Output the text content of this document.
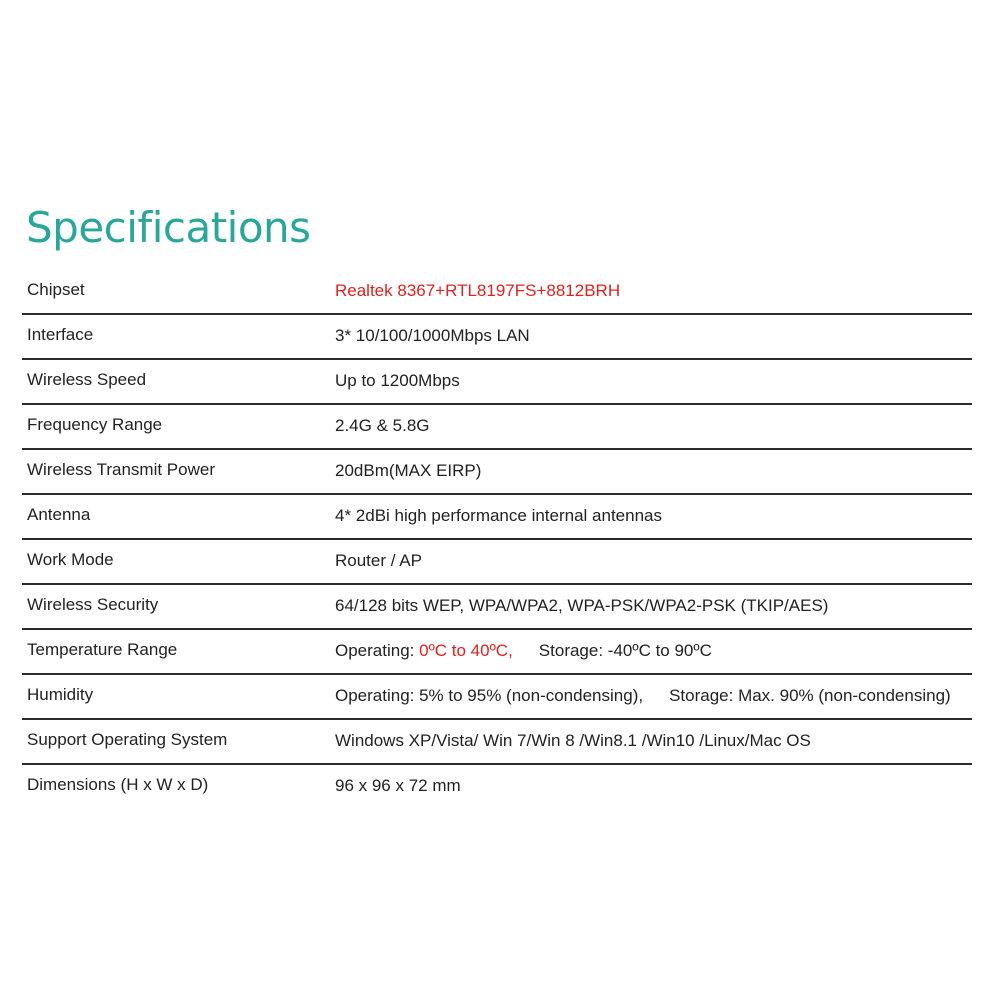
Specifications
Chipset	Realtek 8367+RTL8197FS+8812BRH
Interface	3* 10/100/1000Mbps LAN
Wireless Speed	Up to 1200Mbps
Frequency Range	2.4G & 5.8G
Wireless Transmit Power	20dBm(MAX EIRP)
Antenna	4* 2dBi high performance internal antennas
Work Mode	Router / AP
Wireless Security	64/128 bits WEP, WPA/WPA2, WPA-PSK/WPA2-PSK (TKIP/AES)
Temperature Range	Operating: 0ºC to 40ºC, Storage: -40ºC to 90ºC
Humidity	Operating: 5% to 95% (non-condensing), Storage: Max. 90% (non-condensing)
Support Operating System	Windows XP/Vista/ Win 7/Win 8 /Win8.1 /Win10 /Linux/Mac OS
Dimensions (H x W x D)	96 x 96 x 72 mm
